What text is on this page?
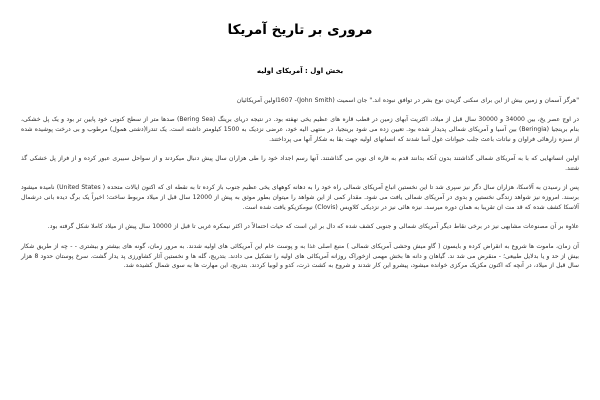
مروری بر تاریخ آمریکا
بخش اول : آمریکای اولیه

"هرگز آسمان و زمین بیش از این برای سکنی گزیدن نوع بشر در توافق نبوده اند." جان اسمیت (John Smith)- 1607اولین آمریکائیان

در اوج عصر یخ، بین 34000 و 30000 سال قبل از میلاد، اکثریت آبهای زمین در قطب قاره های عظیم یخی نهفته بود. در نتیجه دریای برینگ (Bering Sea) صدها متر از سطح کنونی خود پایین تر بود و یک پل خشکی، بنام برینجیا (Beringia) بین آسیا و آمریکای شمالی پدیدار شده بود. تعیین زده می شود برینجیا، در منتهی الیه خود، عرضی نزدیک به 1500 کیلومتر داشته است. یک تندرا(دشتی همول) مرطوب و بی درخت پوشیده شده از سبزه زارهائی فراوان و نباتات باعث جلب حیوانات غول آسا شدند که انسانهای اولیه جهت بقا به شکار آنها می پرداختند.

اولین انسانهایی که با به آمریکای شمالی گذاشتند بدون آنکه بدانند قدم به قاره ای نوین می گذاشتند. آنها رسم اجداد خود را طی هزاران سال پیش دنبال میکردند و از سواحل سیبری عبور کرده و از فراز پل خشکی گذ شتند.

پس از رسیدن به آلاسکا، هزاران سال دگر نیز سپری شد تا این نخستین انباع آمریکای شمالی راه خود را به دهانه کوههای یخی عظیم جنوب باز کرده تا به نقطه ای که اکنون ایالات متحده ( United States) نامیده میشود برسند. امروزه نیز شواهد زندگی نخستین و بدوی در آمریکای شمالی یافت می شود. مقدار کمی از این شواهد را میتوان بطور موثق به پیش از 12000 سال قبل از میلاد مربوط ساخت؛ اخیراً یک برگ دیده بانی درشمال آلاسکا کشف شده که قد مت ان تقریبا به همان دوره میرسد. نیزه هائی نیز در نزدیکی کلاویس (Clovis) نیومکزیکو یافت شده است.

علاوه بر آن مصنوعات مشابهی نیز در برخی نقاط دیگر آمریکای شمالی و جنوبی کشف شده که دال بر این است که حیات احتمالاً در اکثر نیمکره غربی تا قبل از 10000 سال پیش از میلاد کاملا شکل گرفته بود.

آن زمان، ماموت ها شروع به انقراض کرده و بایسون ( گاو میش وحشی آمریکای شمالی ) منبع اصلی غذا به و پوست خام این آمریکائی های اولیه شدند. به مرور زمان، گونه های بیشتر و بیشتری - - چه از طریق شکار بیش از حد و یا بدلایل طبیعی؛ - منقرض می شد ند. گیاهان و دانه ها بخش مهمی ازخوراک روزانه آمریکائی های اولیه را تشکیل می دادند. بتدریج، گله ها و نخستین آثار کشاورزی پد یدار گشت. سرخ پوستان حدود 8 هزار سال قبل از میلاد، در آنچه که اکنون مکزیک مرکزی خوانده میشود، پیشرو این کار شدند و شروع به کشت ذرت، کدو و لوبیا کردند. بتدریج، این مهارت ها به سوی شمال کشیده شد.
